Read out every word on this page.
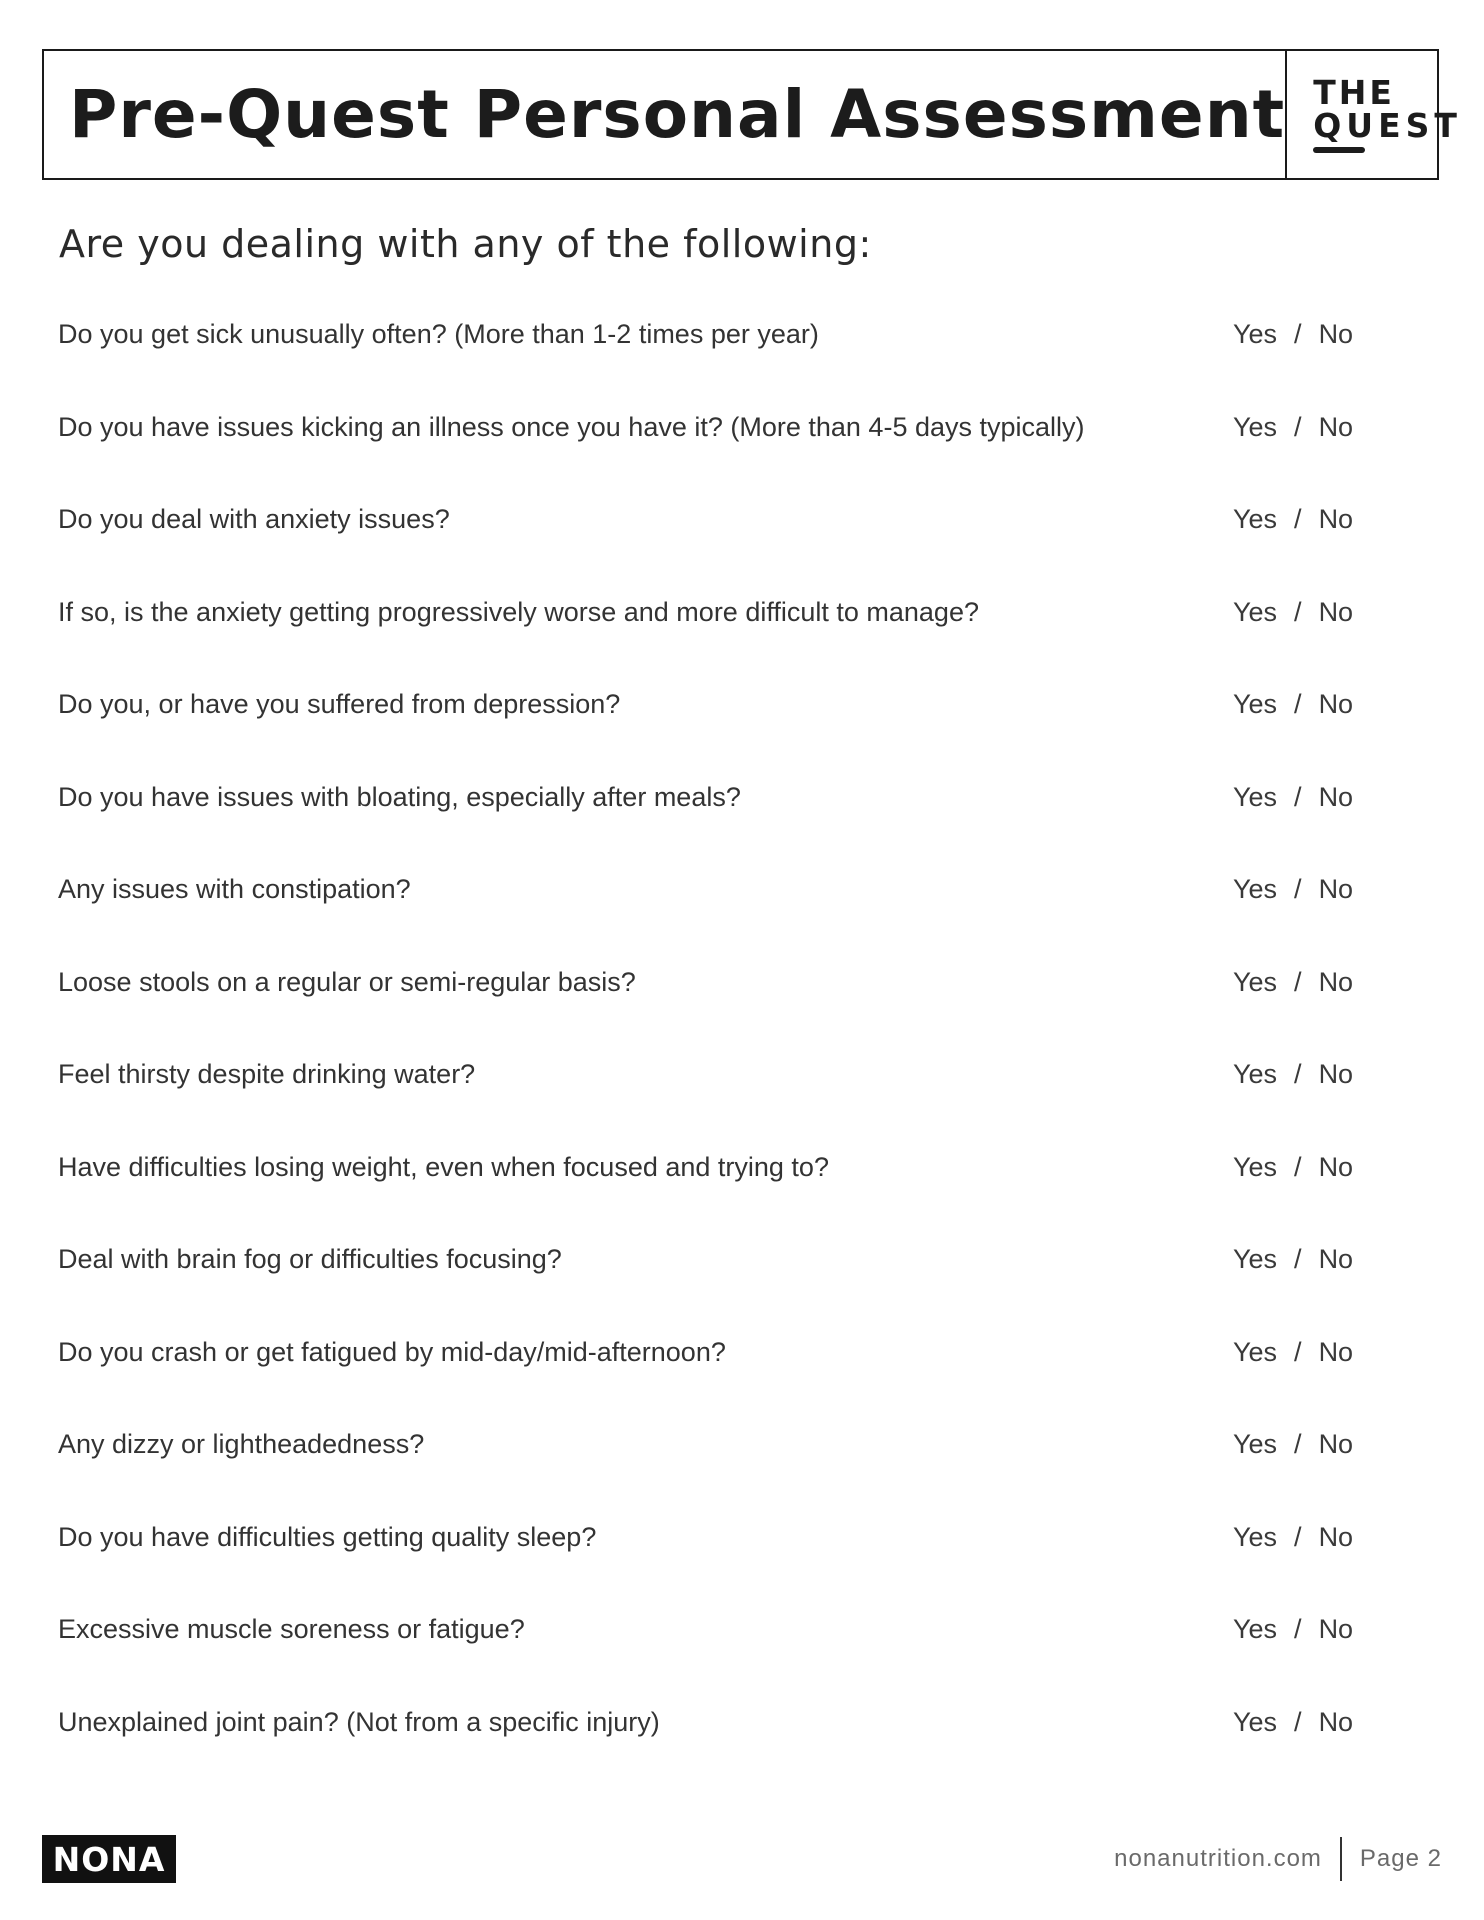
Pre-Quest Personal Assessment THE
QUEST
Are you dealing with any of the following:
Do you get sick unusually often? (More than 1-2 times per year)	Yes / No
Do you have issues kicking an illness once you have it? (More than 4-5 days typically)	Yes / No
Do you deal with anxiety issues?	Yes / No
If so, is the anxiety getting progressively worse and more difficult to manage?	Yes / No
Do you, or have you suffered from depression?	Yes / No
Do you have issues with bloating, especially after meals?	Yes / No
Any issues with constipation?	Yes / No
Loose stools on a regular or semi-regular basis?	Yes / No
Feel thirsty despite drinking water?	Yes / No
Have difficulties losing weight, even when focused and trying to?	Yes / No
Deal with brain fog or difficulties focusing?	Yes / No
Do you crash or get fatigued by mid-day/mid-afternoon?	Yes / No
Any dizzy or lightheadedness?	Yes / No
Do you have difficulties getting quality sleep?	Yes / No
Excessive muscle soreness or fatigue?	Yes / No
Unexplained joint pain? (Not from a specific injury)	Yes / No
NONA	nonanutrition.com Page 2
